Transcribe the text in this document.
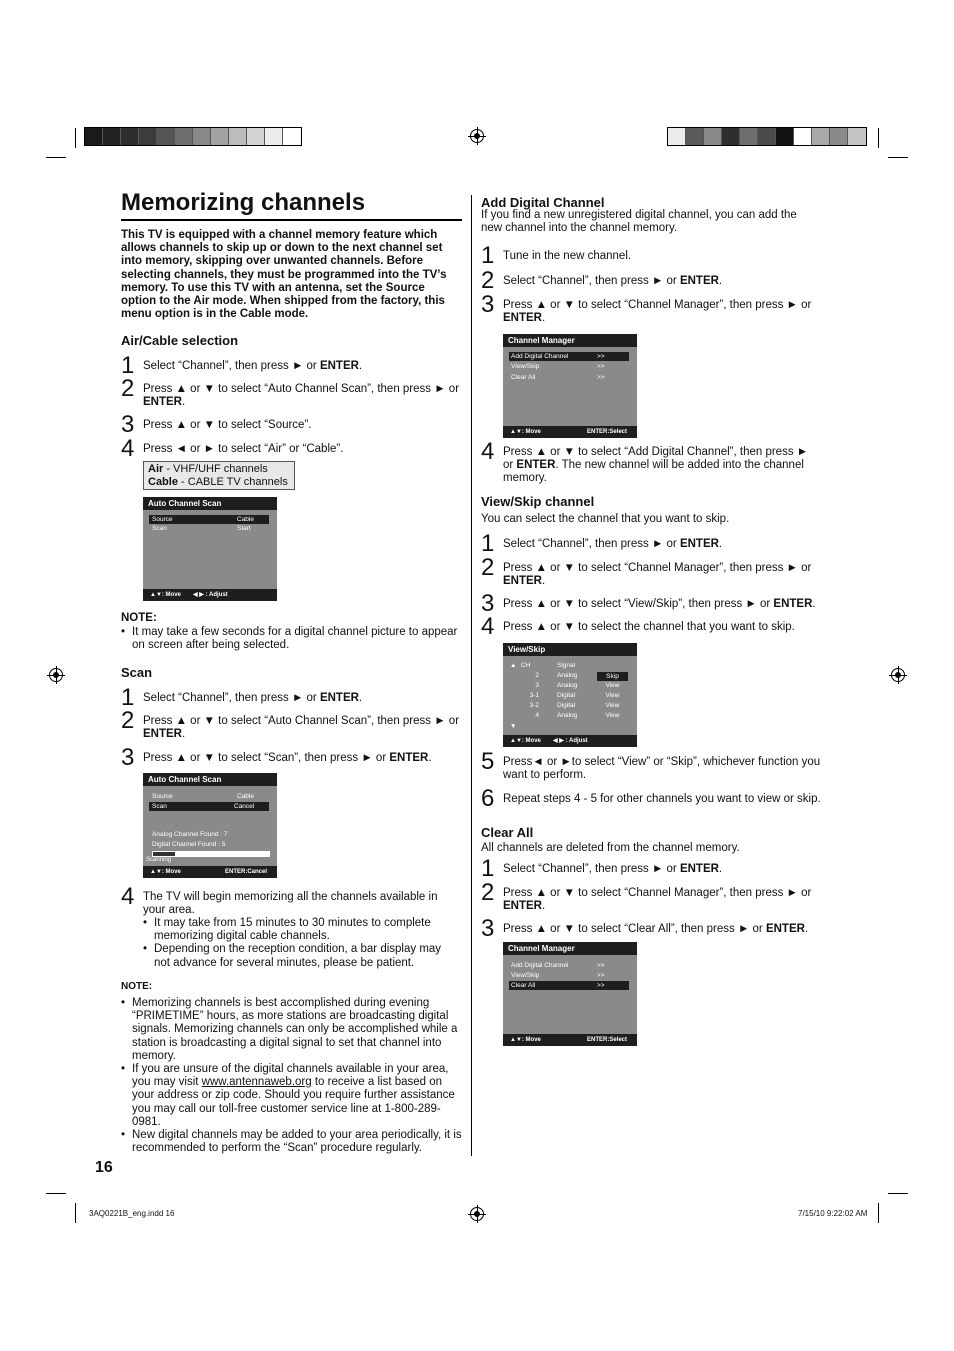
Memorizing channels
This TV is equipped with a channel memory feature which allows channels to skip up or down to the next channel set into memory, skipping over unwanted channels. Before selecting channels, they must be programmed into the TV’s memory. To use this TV with an antenna, set the Source option to the Air mode. When shipped from the factory, this menu option is in the Cable mode.
Air/Cable selection
1 Select “Channel”, then press ► or ENTER.
2 Press ▲ or ▼ to select “Auto Channel Scan”, then press ► or ENTER.
3 Press ▲ or ▼ to select “Source”.
4 Press ◄ or ► to select “Air” or “Cable”.
Air - VHF/UHF channels
Cable - CABLE TV channels
Auto Channel Scan
Source	Cable
Scan	Start
▲▼: Move ◀ ▶ : Adjust
NOTE:
• It may take a few seconds for a digital channel picture to appear on screen after being selected.
Scan
1 Select “Channel”, then press ► or ENTER.
2 Press ▲ or ▼ to select “Auto Channel Scan”, then press ► or ENTER.
3 Press ▲ or ▼ to select “Scan”, then press ► or ENTER.
Auto Channel Scan
Source	Cable
Scan	Cancel
Analog Channel Found : 7
Digital Channel Found : 5
Scanning
▲▼: Move	ENTER:Cancel
4 The TV will begin memorizing all the channels available in your area.
• It may take from 15 minutes to 30 minutes to complete memorizing digital cable channels.
• Depending on the reception condition, a bar display may not advance for several minutes, please be patient.
NOTE:
• Memorizing channels is best accomplished during evening “PRIMETIME” hours, as more stations are broadcasting digital signals. Memorizing channels can only be accomplished while a station is broadcasting a digital signal to set that channel into memory.
• If you are unsure of the digital channels available in your area, you may visit www.antennaweb.org to receive a list based on your address or zip code. Should you require further assistance you may call our toll-free customer service line at 1-800-289-0981.
• New digital channels may be added to your area periodically, it is recommended to perform the “Scan” procedure regularly.
16
Add Digital Channel
If you find a new unregistered digital channel, you can add the new channel into the channel memory.
1 Tune in the new channel.
2 Select “Channel”, then press ► or ENTER.
3 Press ▲ or ▼ to select “Channel Manager”, then press ► or ENTER.
Channel Manager
Add Digital Channel	>>
View/Skip	>>
Clear All	>>
▲▼: Move	ENTER:Select
4 Press ▲ or ▼ to select “Add Digital Channel”, then press ► or ENTER. The new channel will be added into the channel memory.
View/Skip channel
You can select the channel that you want to skip.
1 Select “Channel”, then press ► or ENTER.
2 Press ▲ or ▼ to select “Channel Manager”, then press ► or ENTER.
3 Press ▲ or ▼ to select “View/Skip”, then press ► or ENTER.
4 Press ▲ or ▼ to select the channel that you want to skip.
View/Skip
▲ CH	Signal
2	Analog	Skip
3	Analog	View
3-1	Digital	View
3-2	Digital	View
4	Analog	View
▼
▲▼: Move ◀ ▶ : Adjust
5 Press◄ or ►to select “View” or “Skip”, whichever function you want to perform.
6 Repeat steps 4 - 5 for other channels you want to view or skip.
Clear All
All channels are deleted from the channel memory.
1 Select “Channel”, then press ► or ENTER.
2 Press ▲ or ▼ to select “Channel Manager”, then press ► or ENTER.
3 Press ▲ or ▼ to select “Clear All”, then press ► or ENTER.
Channel Manager
Add Digital Channel	>>
View/Skip	>>
Clear All	>>
▲▼: Move	ENTER:Select
3AQ0221B_eng.indd 16	7/15/10 9:22:02 AM
